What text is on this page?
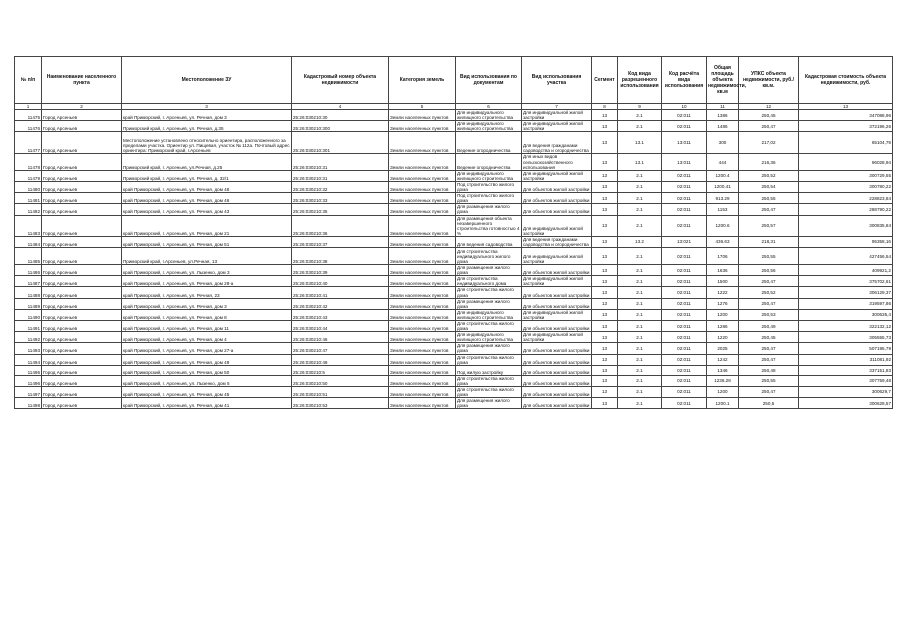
№ п/п	Наименование населенного пункта	Местоположение ЗУ	Кадастровый номер объекта недвижимости	Категория земель	Вид использования по документам	Вид использования участка	Сегмент	Код вида разрешенного использования	Код расчёта вида использования	Общая площадь объекта недвижимости, кв.м	УПКС объекта недвижимости, руб./кв.м.	Кадастровая стоимость объекта недвижимости, руб.
1	2	3	4	5	6	7	8	9	10	11	12	13
11475	Город Арсеньев	край Приморский, г. Арсеньев, ул. Речная, дом 3	25:26:030210:30	Земли населенных пунктов	Для индивидуального жилищного строительства	Для индивидуальной жилой застройки	13	2.1	02:011	1386	250,45	347088,96
11476	Город Арсеньев	Приморский край, г. Арсеньев, ул. Речная, д.35	25:26:030210:300	Земли населенных пунктов	Для индивидуального жилищного строительства	Для индивидуальной жилой застройки	13	2.1	02:011	1486	250,47	372196,26
11477	Город Арсеньев	Местоположение установлено относительно ориентира, расположенного за пределами участка. Ориентир ул. Пищевая, участок № 112а. Почтовый адрес ориентира: Приморский край, г.Арсеньев	25:26:030210:301	Земли населенных пунктов	Ведение огородничества	Для ведения гражданами садоводства и огородничества	13	13.1	13:011	300	217,02	65104,79
11478	Город Арсеньев	Приморский край, г. Арсеньев, ул.Речная, д.25	25:26:030210:31	Земли населенных пунктов	Ведение огородничества	Для иных видов сельскохозяйственного использования	13	13.1	13:011	444	216,36	96028,94
11479	Город Арсеньев	Приморский край, г. Арсеньев, ул. Речная, д. 32/1	25:26:030210:31	Земли населенных пунктов	Для индивидуального жилищного строительства	Для индивидуальной жилой застройки	13	2.1	02:011	1200.4	250,52	300729,55
11480	Город Арсеньев	край Приморский, г. Арсеньев, ул. Речная, дом 48	25:26:030210:32	Земли населенных пунктов	Под строительство жилого дома	Для объектов жилой застройки	13	2.1	02:011	1200.41	250,54	300780,22
11481	Город Арсеньев	край Приморский, г. Арсеньев, ул. Речная, дом 46	25:26:030210:33	Земли населенных пунктов	Под строительство жилого дома	Для объектов жилой застройки	13	2.1	02:011	913.29	250,55	228823,84
11482	Город Арсеньев	край Приморский, г. Арсеньев, ул. Речная, дом 43	25:26:030210:35	Земли населенных пунктов	Для размещения жилого дома	Для объектов жилой застройки	13	2.1	02:011	1153	250,47	288790,22
11483	Город Арсеньев	край Приморский, г. Арсеньев, ул. Речная, дом 21	25:26:030210:36	Земли населенных пунктов	Для размещения объекта незавершенного строительства готовностью 4 %	Для индивидуальной жилой застройки	13	2.1	02:011	1200.6	250,57	300835,84
11484	Город Арсеньев	край Приморский, г. Арсеньев, ул. Речная, дом 51	25:26:030210:37	Земли населенных пунктов	Для ведения садоводства	Для ведения гражданами садоводства и огородничества	13	13.2	13:021	436.63	218,31	95358,16
11485	Город Арсеньев	Приморский край, г.Арсеньев, ул.Речная, 13	25:26:030210:38	Земли населенных пунктов	Для строительства индивидуального жилого дома	Для индивидуальной жилой застройки	13	2.1	02:011	1706	250,55	427456,54
11486	Город Арсеньев	край Приморский, г. Арсеньев, ул. Лызенко, дом 3	25:26:030210:39	Земли населенных пунктов	Для размещения жилого дома	Для объектов жилой застройки	13	2.1	02:011	1636	250,56	409921,2
11487	Город Арсеньев	край Приморский, г. Арсеньев, ул. Речная, дом 28-а	25:26:030210:40	Земли населенных пунктов	Для строительства индивидуального дома	Для индивидуальной жилой застройки	13	2.1	02:011	1500	250,47	375702,61
11488	Город Арсеньев	край Приморский, г. Арсеньев, ул. Речная, 23	25:26:030210:41	Земли населенных пунктов	Для строительства жилого дома	Для объектов жилой застройки	13	2.1	02:011	1222	250,52	306129,37
11489	Город Арсеньев	край Приморский, г. Арсеньев, ул. Речная, дом 3	25:26:030210:42	Земли населенных пунктов	Для размещения жилого дома	Для объектов жилой застройки	13	2.1	02:011	1276	250,47	319597,86
11490	Город Арсеньев	край Приморский, г. Арсеньев, ул. Речная, дом 8	25:26:030210:43	Земли населенных пунктов	Для индивидуального жилищного строительства	Для индивидуальной жилой застройки	13	2.1	02:011	1200	250,53	300635,4
11491	Город Арсеньев	край Приморский, г. Арсеньев, ул. Речная, дом 11	25:26:030210:44	Земли населенных пунктов	Для строительства жилого дома	Для объектов жилой застройки	13	2.1	02:011	1286	250,49	322132,12
11492	Город Арсеньев	край Приморский, г. Арсеньев, ул. Речная, дом 4	25:26:030210:46	Земли населенных пунктов	Для индивидуального жилищного строительства	Для индивидуальной жилой застройки	13	2.1	02:011	1220	250,45	305555,73
11493	Город Арсеньев	край Приморский, г. Арсеньев, ул. Речная, дом 27-а	25:26:030210:47	Земли населенных пунктов	Для размещения жилого дома	Для объектов жилой застройки	13	2.1	02:011	2025	250,47	507195,79
11494	Город Арсеньев	край Приморский, г. Арсеньев, ул. Речная, дом 49	25:26:030210:49	Земли населенных пунктов	Для строительства жилого дома	Для объектов жилой застройки	13	2.1	02:011	1242	250,47	311081,92
11495	Город Арсеньев	край Приморский, г. Арсеньев, ул. Речная, дом 50	25:26:030210:5	Земли населенных пунктов	Под жилую застройку	Для объектов жилой застройки	13	2.1	02:011	1346	250,48	337151,83
11496	Город Арсеньев	край Приморский, г. Арсеньев, ул. Лызенко, дом 5	25:26:030210:50	Земли населенных пунктов	Для строительства жилого дома	Для объектов жилой застройки	13	2.1	02:011	1236.28	250,55	307759,48
11497	Город Арсеньев	край Приморский, г. Арсеньев, ул. Речная, дом 45	25:26:030210:51	Земли населенных пунктов	Для строительства жилого дома	Для объектов жилой застройки	13	2.1	02:011	1200	250,47	300629,7
11498	Город Арсеньев	край Приморский, г. Арсеньев, ул. Речная, дом 41	25:26:030210:53	Земли населенных пунктов	Для размещения жилого дома	Для объектов жилой застройки	13	2.1	02:011	1200.1	250,5	300628,57
